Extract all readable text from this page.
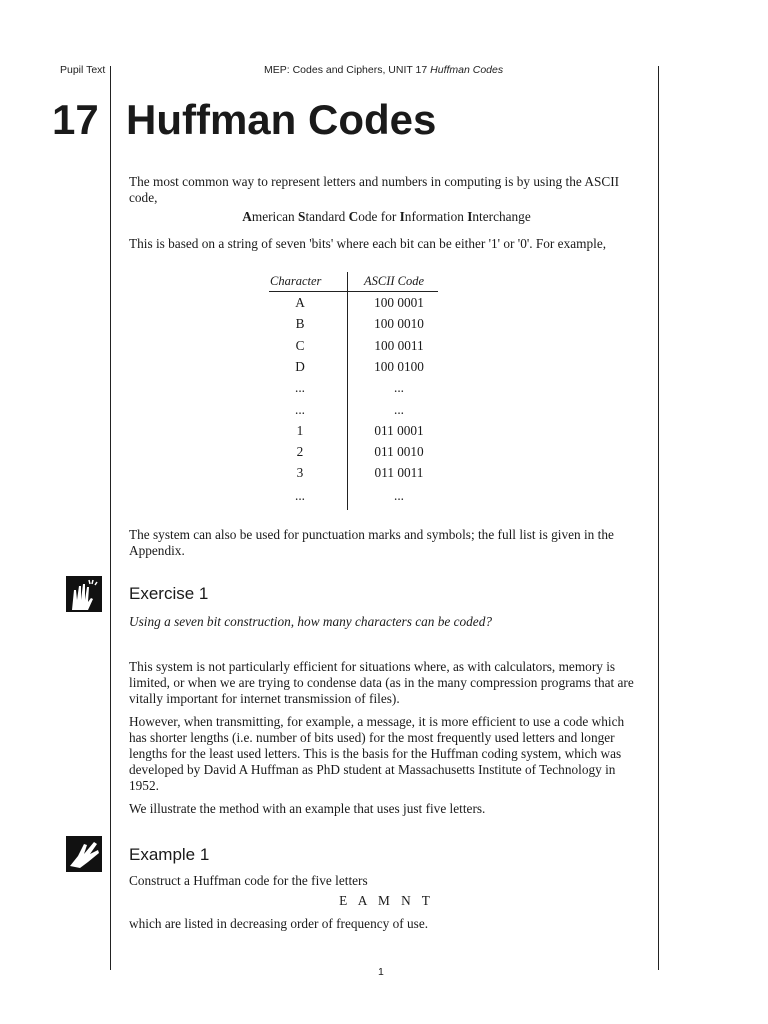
Pupil Text	MEP: Codes and Ciphers, UNIT 17 Huffman Codes
17 Huffman Codes

The most common way to represent letters and numbers in computing is by using the ASCII code,

American Standard Code for Information Interchange

This is based on a string of seven 'bits' where each bit can be either '1' or '0'. For example,

Character	ASCII Code
A	100 0001
B	100 0010
C	100 0011
D	100 0100
...	...
...	...
1	011 0001
2	011 0010
3	011 0011
...	...

The system can also be used for punctuation marks and symbols; the full list is given in the Appendix.

Exercise 1

Using a seven bit construction, how many characters can be coded?

This system is not particularly efficient for situations where, as with calculators, memory is limited, or when we are trying to condense data (as in the many compression programs that are vitally important for internet transmission of files).

However, when transmitting, for example, a message, it is more efficient to use a code which has shorter lengths (i.e. number of bits used) for the most frequently used letters and longer lengths for the least used letters. This is the basis for the Huffman coding system, which was developed by David A Huffman as PhD student at Massachusetts Institute of Technology in 1952.

We illustrate the method with an example that uses just five letters.

Example 1

Construct a Huffman code for the five letters

E A M N T

which are listed in decreasing order of frequency of use.

1
